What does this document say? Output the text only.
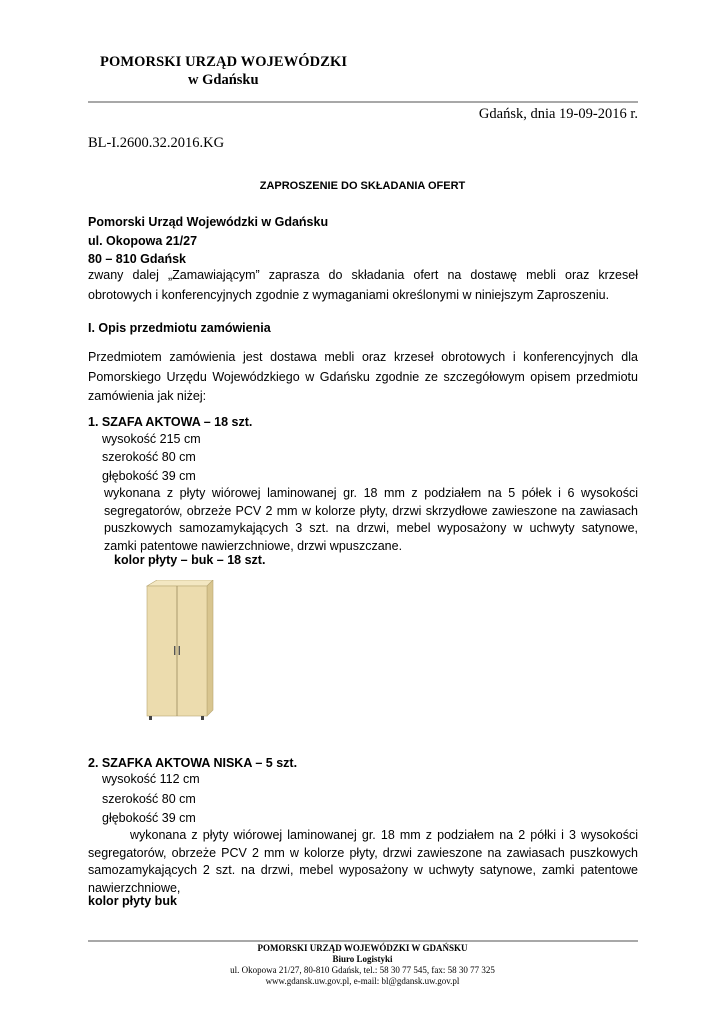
POMORSKI URZĄD WOJEWÓDZKI
w Gdańsku
Gdańsk, dnia 19-09-2016 r.
BL-I.2600.32.2016.KG
ZAPROSZENIE DO SKŁADANIA OFERT
Pomorski Urząd Wojewódzki w Gdańsku
ul. Okopowa 21/27
80 – 810 Gdańsk
zwany dalej „Zamawiającym” zaprasza do składania ofert na dostawę mebli oraz krzeseł obrotowych i konferencyjnych zgodnie z wymaganiami określonymi w niniejszym Zaproszeniu.
I. Opis przedmiotu zamówienia
Przedmiotem zamówienia jest dostawa mebli oraz krzeseł obrotowych i konferencyjnych dla Pomorskiego Urzędu Wojewódzkiego w Gdańsku zgodnie ze szczegółowym opisem przedmiotu zamówienia jak niżej:
1. SZAFA AKTOWA – 18 szt.
wysokość 215 cm
szerokość 80 cm
głębokość 39 cm
wykonana z płyty wiórowej laminowanej gr. 18 mm z podziałem na 5 półek i 6 wysokości segregatorów, obrzeże PCV 2 mm w kolorze płyty, drzwi skrzydłowe zawieszone na zawiasach puszkowych samozamykających 3 szt. na drzwi, mebel wyposażony w uchwyty satynowe, zamki patentowe nawierzchniowe, drzwi wpuszczane.
kolor płyty – buk – 18 szt.
2. SZAFKA AKTOWA NISKA – 5 szt.
wysokość 112 cm
szerokość 80 cm
głębokość 39 cm
wykonana z płyty wiórowej laminowanej gr. 18 mm z podziałem na 2 półki i 3 wysokości segregatorów, obrzeże PCV 2 mm w kolorze płyty, drzwi zawieszone na zawiasach puszkowych samozamykających 2 szt. na drzwi, mebel wyposażony w uchwyty satynowe, zamki patentowe nawierzchniowe,
kolor płyty buk
POMORSKI URZĄD WOJEWÓDZKI W GDAŃSKU
Biuro Logistyki
ul. Okopowa 21/27, 80-810 Gdańsk, tel.: 58 30 77 545, fax: 58 30 77 325
www.gdansk.uw.gov.pl, e-mail: bl@gdansk.uw.gov.pl
